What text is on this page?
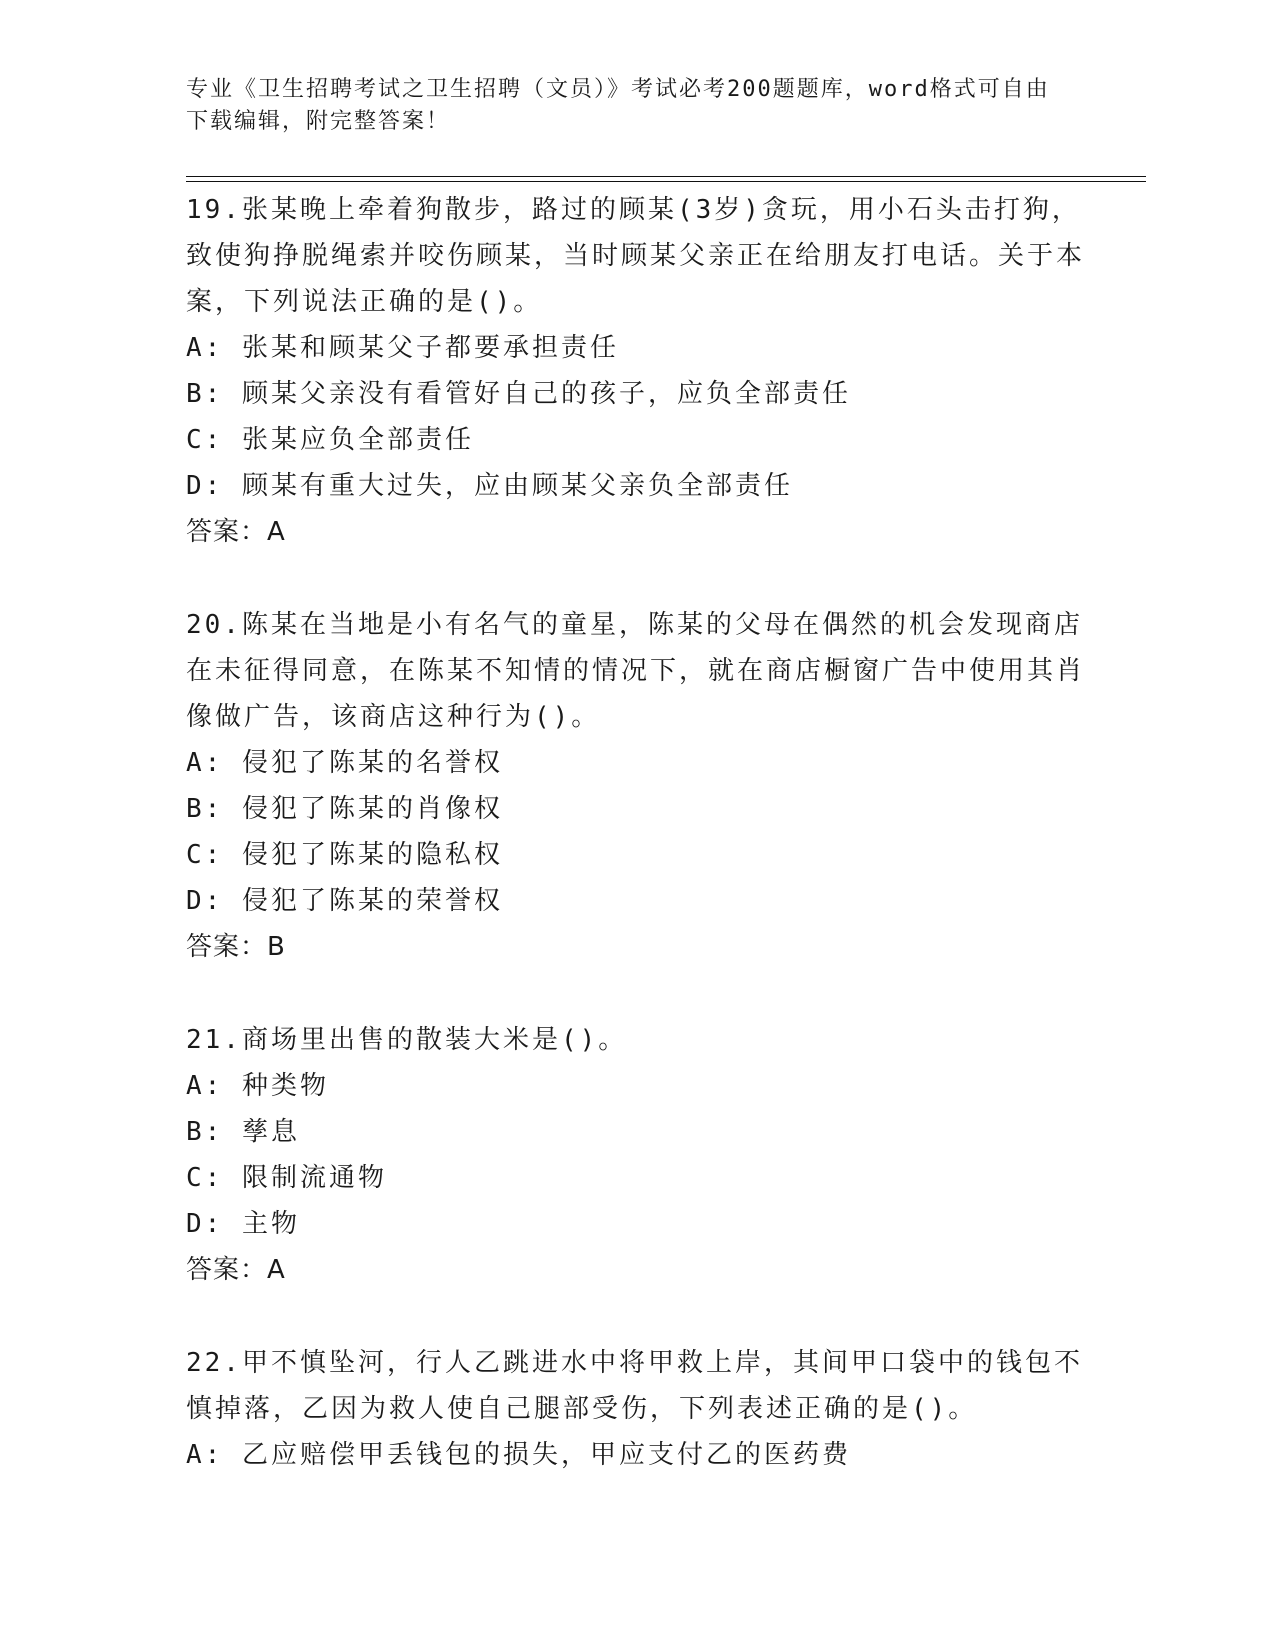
专业《卫生招聘考试之卫生招聘（文员）》考试必考200题题库，word格式可自由下载编辑，附完整答案！
19.张某晚上牵着狗散步，路过的顾某(3岁)贪玩，用小石头击打狗，致使狗挣脱绳索并咬伤顾某，当时顾某父亲正在给朋友打电话。关于本案，下列说法正确的是()。
A: 张某和顾某父子都要承担责任
B: 顾某父亲没有看管好自己的孩子，应负全部责任
C: 张某应负全部责任
D: 顾某有重大过失，应由顾某父亲负全部责任
答案：A
20.陈某在当地是小有名气的童星，陈某的父母在偶然的机会发现商店在未征得同意，在陈某不知情的情况下，就在商店橱窗广告中使用其肖像做广告，该商店这种行为()。
A: 侵犯了陈某的名誉权
B: 侵犯了陈某的肖像权
C: 侵犯了陈某的隐私权
D: 侵犯了陈某的荣誉权
答案：B
21.商场里出售的散装大米是()。
A: 种类物
B: 孳息
C: 限制流通物
D: 主物
答案：A
22.甲不慎坠河，行人乙跳进水中将甲救上岸，其间甲口袋中的钱包不慎掉落，乙因为救人使自己腿部受伤，下列表述正确的是()。
A: 乙应赔偿甲丢钱包的损失，甲应支付乙的医药费
